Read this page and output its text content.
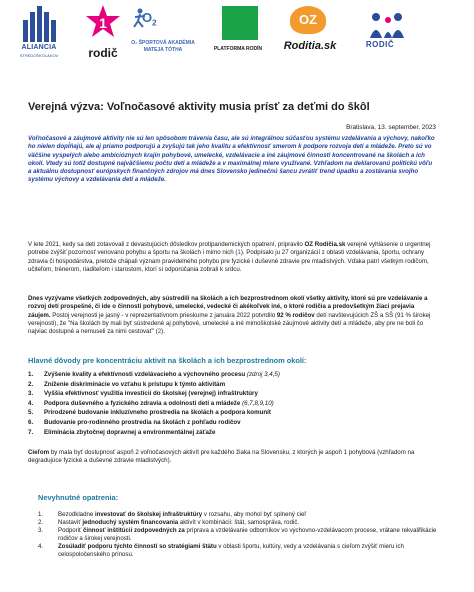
ALIANCIA
STREDOŠKOLÁKOV
1
rodič
$O_2$
O₂ ŠPORTOVÁ AKADÉMIA
MATEJA TÓTHA	PLATFORMA RODÍN
OZ
Roditia.sk	RODIČ
Verejná výzva: Voľnočasové aktivity musia prísť za deťmi do škôl
Bratislava, 13. september, 2023
Voľnočasové a záujmové aktivity nie sú len spôsobom trávenia času, ale sú integrálnou súčasťou systému vzdelávania a výchovy, nakoľko ho nielen dopĺňajú, ale aj priamo podporujú a zvyšujú tak jeho kvalitu a efektívnosť smerom k podpore rozvoja detí a mládeže. Preto sú vo väčšine vyspelých alebo ambicióznych krajín pohybové, umelecké, vzdelávacie a iné záujmové činnosti koncentrované na školách a ich okolí. Vtedy sú totiž dostupné najväčšiemu počtu detí a mládeže a v maximálnej miere využívané. Vzhľadom na deklarovanú politickú vôľu a aktuálnu dostupnosť európskych finančných zdrojov má dnes Slovensko jedinečnú šancu zvrátiť trend úpadku a zostávania svojho systému výchovy a vzdelávania detí a mládeže.
V lete 2021, kedy sa deti zotavovali z devastujúcich dôsledkov protipandemických opatrení, pripravilo OZ Rodičia.sk verejné vyhlásenie o urgentnej potrebe zvýšiť pozornosť venovanú pohybu a športu na školách i mimo nich (1). Podpísalo ju 27 organizácií z oblasti vzdelávania, športu, ochrany zdravia či hospodárstva, pretože chápali význam pravidelného pohybu pre fyzické i duševné zdravie pre mladistvých. Vďaka patrí všetkým rodičom, učiteľom, trénerom, riaditeľom i starostom, ktorí si odporúčania zobrali k srdcu.
Dnes vyzývame všetkých zodpovedných, aby sústredili na školách a ich bezprostrednom okolí všetky aktivity, ktoré sú pre vzdelávanie a rozvoj detí prospešné, či ide o činnosti pohybové, umelecké, vedecké či akékoľvek iné, o ktoré rodičia a predovšetkým žiaci prejavia záujem. Postoj verejnosti je jasný - v reprezentatívnom prieskume z januára 2022 potvrdilo 92 % rodičov detí navštevujúcich ZŠ a SŠ (91 % širokej verejnosti), že "Na školách by mali byť sústredené aj pohybové, umelecké a iné mimoškolské záujmové aktivity detí a mládeže, aby pre ne boli čo najviac dostupné a nemuseli za nimi cestovať" (2).
Hlavné dôvody pre koncentráciu aktivít na školách a ich bezprostrednom okolí:
1. Zvýšenie kvality a efektívnosti vzdelávacieho a výchovného procesu (zdroj 3,4,5)
2. Zníženie diskriminácie vo vzťahu k prístupu k týmto aktivitám
3. Vyššia efektívnosť využitia investícií do školskej (verejnej) infraštruktúry
4. Podpora duševného a fyzického zdravia a odolnosti detí a mládeže (6,7,8,9,10)
5. Prirodzené budovanie inkluzívneho prostredia na školách a podpora komunít
6. Budovanie pro-rodinného prostredia na školách z pohľadu rodičov
7. Eliminácia zbytočnej dopravnej a environmentálnej záťaže
Cieľom by mala byť dostupnosť aspoň 2 voľnočasových aktivít pre každého žiaka na Slovensku, z ktorých je aspoň 1 pohybová (vzhľadom na degradujúce fyzické a duševné zdravie mladistvých).
Nevyhnutné opatrenia:
1. Bezodkladne investovať do školskej infraštruktúry v rozsahu, aby mohol byť splnený cieľ
2. Nastaviť jednoduchý systém financovania aktivít v kombinácii: štát, samospráva, rodič.
3. Podporiť činnosť inštitúcií zodpovedných za príprava a vzdelávanie odborníkov vo výchovno-vzdelávacom procese, vrátane rekvalifikácie rodičov a širokej verejnosti.
4. Zosúladiť podporu týchto činností so stratégiami štátu v oblasti športu, kultúry, vedy a vzdelávania s cieľom zvýšiť mieru ich celospoločenského prínosu.
